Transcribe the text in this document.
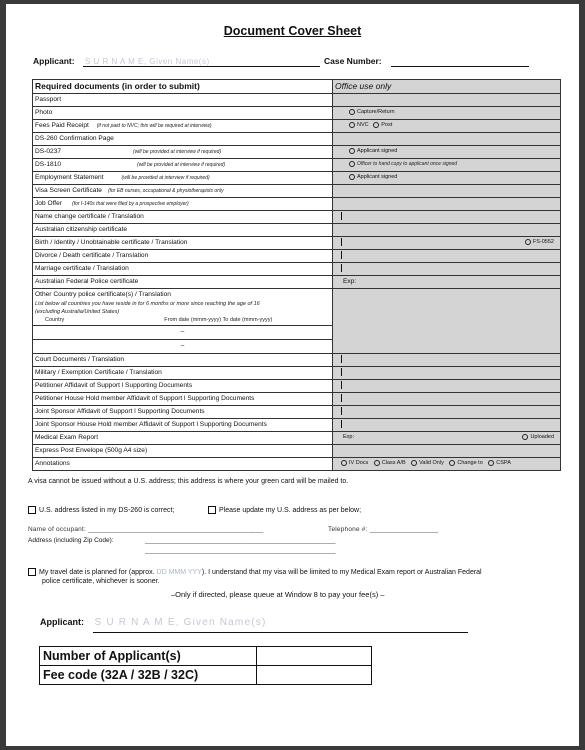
Document Cover Sheet
Applicant: S U R N A M E, Given Name(s)	Case Number:
Required documents (in order to submit)	Office use only
Passport	
Photo	Capture/Return
Fees Paid Receipt (if not paid to NVC; this will be required at interview)	NVC Post
DS-260 Confirmation Page	
DS-0237 (will be provided at interview if required)	Applicant signed
DS-1810 (will be provided at interview if required)	Officer to hand copy to applicant once signed
Employment Statement (will be provided at interview if required)	Applicant signed
Visa Screen Certificate (for EB nurses, occupational & physiotherapists only	
Job Offer (for I-140s that were filed by a prospective employer)	
Name change certificate / Translation	
Australian citizenship certificate	
Birth / Identity / Unobtainable certificate / Translation	FS-0552

Divorce / Death certificate / Translation	
Marriage certificate / Translation	
Australian Federal Police certificate	Exp:

Other Country police certificate(s) / Translation
List below all countries you have reside in for 6 months or more since reaching the age of 16
(excluding Australia/United States)
Country From date (mmm-yyyy) To date (mmm-yyyy)	

–	
–	
Court Documents / Translation	
Military / Exemption Certificate / Translation	
Petitioner Affidavit of Support l Supporting Documents	
Petitioner House Hold member Affidavit of Support l Supporting Documents	
Joint Sponsor Affidavit of Support l Supporting Documents	
Joint Sponsor House Hold member Affidavit of Support l Supporting Documents	
Medical Exam Report	Exp: Uploaded

Express Post Envelope (500g A4 size)	
Annotations	IV Docs Class A/B Valid Only Change to CSPA
A visa cannot be issued without a U.S. address; this address is where your green card will be mailed to.
U.S. address listed in my DS-260 is correct;	Please update my U.S. address as per below;
Name of occupant: ______________________________________________	Telephone #: __________________
Address (including Zip Code):	__________________________________________________
__________________________________________________
My travel date is planned for (approx. DD MMM YYY). I understand that my visa will be limited to my Medical Exam report or Australian Federal
police certificate, whichever is sooner.
–Only if directed, please queue at Window 8 to pay your fee(s) –
Applicant: S U R N A M E, Given Name(s)
Number of Applicant(s)	
Fee code (32A / 32B / 32C)	
